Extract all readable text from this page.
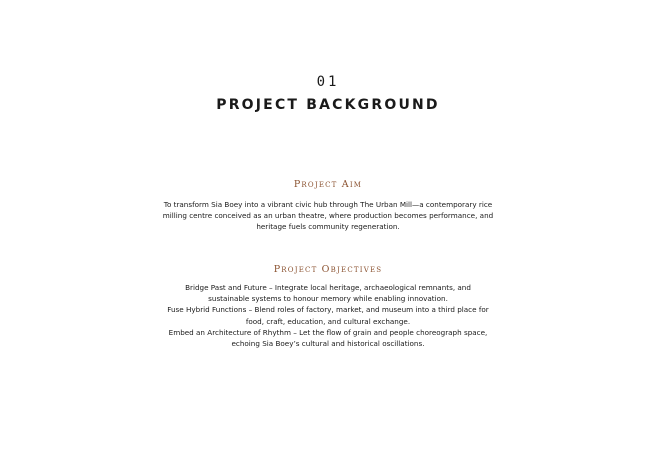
01
PROJECT BACKGROUND
Project Aim
To transform Sia Boey into a vibrant civic hub through The Urban Mill—a contemporary rice
milling centre conceived as an urban theatre, where production becomes performance, and
heritage fuels community regeneration.
Project Objectives
Bridge Past and Future – Integrate local heritage, archaeological remnants, and
sustainable systems to honour memory while enabling innovation.
Fuse Hybrid Functions – Blend roles of factory, market, and museum into a third place for
food, craft, education, and cultural exchange.
Embed an Architecture of Rhythm – Let the flow of grain and people choreograph space,
echoing Sia Boey’s cultural and historical oscillations.
